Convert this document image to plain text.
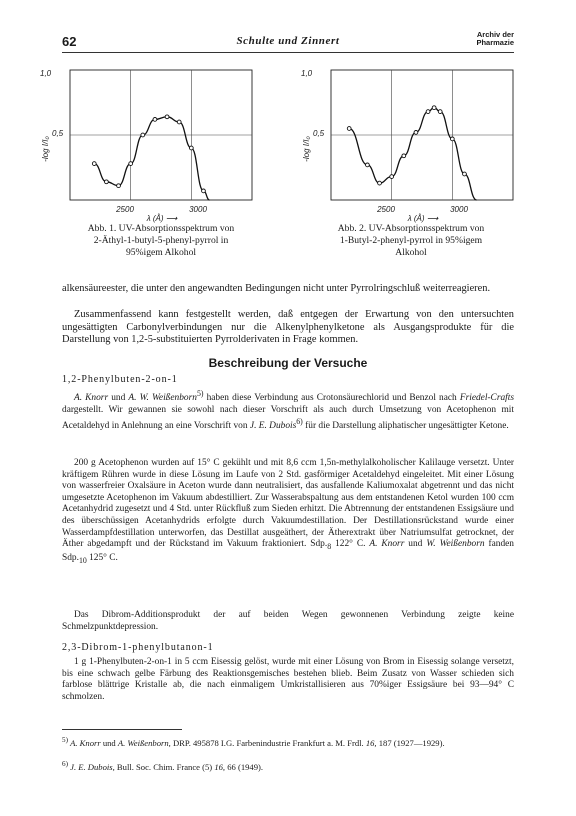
62	Schulte und Zinnert
Archiv der
Pharmazie
1,0
0,5
-log I/I₀
2500	3000
λ (Å) ⟶
Abb. 1. UV-Absorptionsspektrum von
2-Äthyl-1-butyl-5-phenyl-pyrrol in
95%igem Alkohol
1,0
0,5
-log I/I₀
2500	3000
λ (Å) ⟶
Abb. 2. UV-Absorptionsspektrum von
1-Butyl-2-phenyl-pyrrol in 95%igem
Alkohol

alkensäureester, die unter den angewandten Bedingungen nicht unter Pyrrolringschluß weiterreagieren.

Zusammenfassend kann festgestellt werden, daß entgegen der Erwartung von den untersuchten ungesättigten Carbonylverbindungen nur die Alkenylphenylketone als Ausgangsprodukte für die Darstellung von 1,2-5-substituierten Pyrrolderivaten in Frage kommen.

Beschreibung der Versuche
1,2-Phenylbuten-2-on-1

A. Knorr und A. W. Weißenborn$^{5)}$ haben diese Verbindung aus Crotonsäurechlorid und Benzol nach Friedel-Crafts dargestellt. Wir gewannen sie sowohl nach dieser Vorschrift als auch durch Umsetzung von Acetophenon mit Acetaldehyd in Anlehnung an eine Vorschrift von J. E. Dubois$^{6)}$ für die Darstellung aliphatischer ungesättigter Ketone.

200 g Acetophenon wurden auf 15° C gekühlt und mit 8,6 ccm 1,5n-methylalkoholischer Kalilauge versetzt. Unter kräftigem Rühren wurde in diese Lösung im Laufe von 2 Std. gasförmiger Acetaldehyd eingeleitet. Mit einer Lösung von wasserfreier Oxalsäure in Aceton wurde dann neutralisiert, das ausfallende Kaliumoxalat abgetrennt und das nicht umgesetzte Acetophenon im Vakuum abdestilliert. Zur Wasserabspaltung aus dem entstandenen Ketol wurden 100 ccm Acetanhydrid zugesetzt und 4 Std. unter Rückfluß zum Sieden erhitzt. Die Abtrennung der entstandenen Essigsäure und des überschüssigen Acetanhydrids erfolgte durch Vakuumdestillation. Der Destillationsrückstand wurde einer Wasserdampfdestillation unterworfen, das Destillat ausgeäthert, der Ätherextrakt über Natriumsulfat getrocknet, der Äther abgedampft und der Rückstand im Vakuum fraktioniert. $Sdp._8$ 122° C. A. Knorr und W. Weißenborn fanden $Sdp._{10}$ 125° C.

Das Dibrom-Additionsprodukt der auf beiden Wegen gewonnenen Verbindung zeigte keine Schmelzpunktdepression.

2,3-Dibrom-1-phenylbutanon-1

1 g 1-Phenylbuten-2-on-1 in 5 ccm Eisessig gelöst, wurde mit einer Lösung von Brom in Eisessig solange versetzt, bis eine schwach gelbe Färbung des Reaktionsgemisches bestehen blieb. Beim Zusatz von Wasser schieden sich farblose blättrige Kristalle ab, die nach einmaligem Umkristallisieren aus 70%iger Essigsäure bei 93—94° C schmolzen.

$^{5)}$ A. Knorr und A. Weißenborn, DRP. 495878 I.G. Farbenindustrie Frankfurt a. M. Frdl. 16, 187 (1927—1929).

$^{6)}$ J. E. Dubois, Bull. Soc. Chim. France (5) 16, 66 (1949).
